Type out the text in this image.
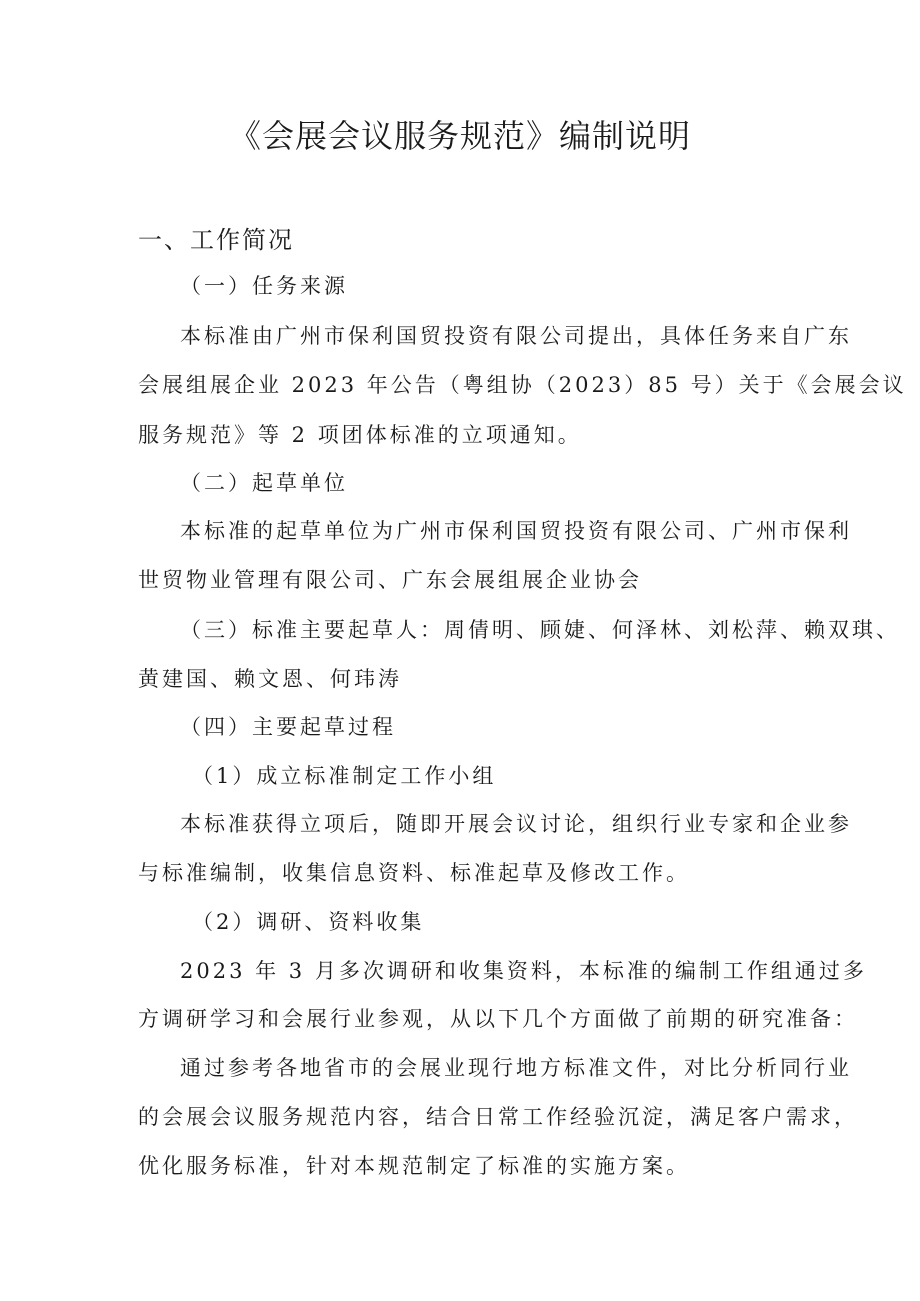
《会展会议服务规范》编制说明
一、工作简况
（一）任务来源
本标准由广州市保利国贸投资有限公司提出，具体任务来自广东
会展组展企业 2023 年公告（粤组协（2023）85 号）关于《会展会议
服务规范》等 2 项团体标准的立项通知。
（二）起草单位
本标准的起草单位为广州市保利国贸投资有限公司、广州市保利
世贸物业管理有限公司、广东会展组展企业协会
（三）标准主要起草人：周倩明、顾婕、何泽林、刘松萍、赖双琪、
黄建国、赖文恩、何玮涛
（四）主要起草过程
（1）成立标准制定工作小组
本标准获得立项后，随即开展会议讨论，组织行业专家和企业参
与标准编制，收集信息资料、标准起草及修改工作。
（2）调研、资料收集
2023 年 3 月多次调研和收集资料，本标准的编制工作组通过多
方调研学习和会展行业参观，从以下几个方面做了前期的研究准备：
通过参考各地省市的会展业现行地方标准文件，对比分析同行业
的会展会议服务规范内容，结合日常工作经验沉淀，满足客户需求，
优化服务标准，针对本规范制定了标准的实施方案。
